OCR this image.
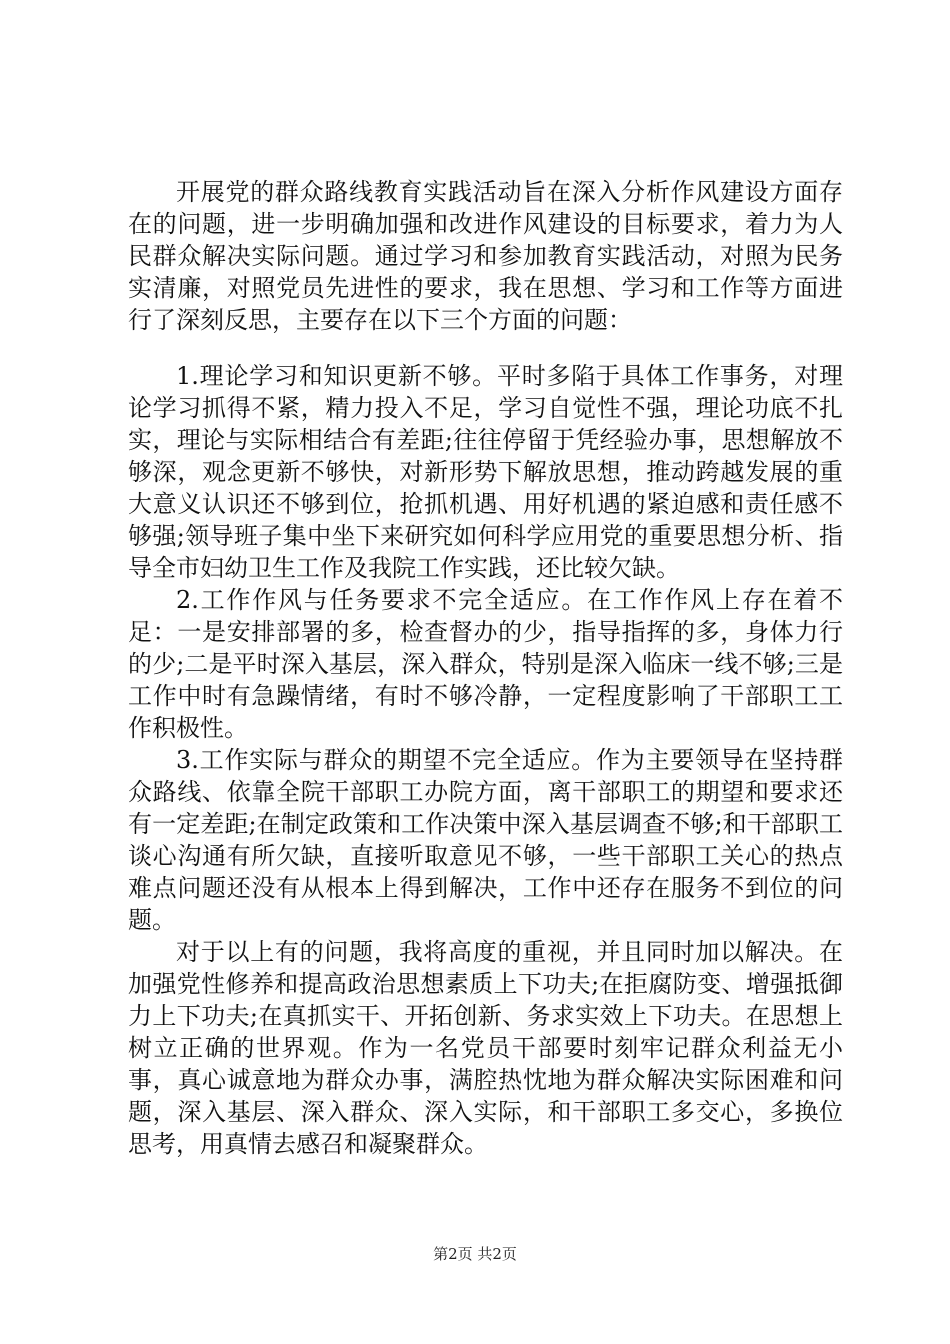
开展党的群众路线教育实践活动旨在深入分析作风建设方面存在的问题，进一步明确加强和改进作风建设的目标要求，着力为人民群众解决实际问题。通过学习和参加教育实践活动，对照为民务实清廉，对照党员先进性的要求，我在思想、学习和工作等方面进行了深刻反思，主要存在以下三个方面的问题：

1.理论学习和知识更新不够。平时多陷于具体工作事务，对理论学习抓得不紧，精力投入不足，学习自觉性不强，理论功底不扎实，理论与实际相结合有差距;往往停留于凭经验办事，思想解放不够深，观念更新不够快，对新形势下解放思想，推动跨越发展的重大意义认识还不够到位，抢抓机遇、用好机遇的紧迫感和责任感不够强;领导班子集中坐下来研究如何科学应用党的重要思想分析、指导全市妇幼卫生工作及我院工作实践，还比较欠缺。

2.工作作风与任务要求不完全适应。在工作作风上存在着不足：一是安排部署的多，检查督办的少，指导指挥的多，身体力行的少;二是平时深入基层，深入群众，特别是深入临床一线不够;三是工作中时有急躁情绪，有时不够冷静，一定程度影响了干部职工工作积极性。

3.工作实际与群众的期望不完全适应。作为主要领导在坚持群众路线、依靠全院干部职工办院方面，离干部职工的期望和要求还有一定差距;在制定政策和工作决策中深入基层调查不够;和干部职工谈心沟通有所欠缺，直接听取意见不够，一些干部职工关心的热点难点问题还没有从根本上得到解决，工作中还存在服务不到位的问题。

对于以上有的问题，我将高度的重视，并且同时加以解决。在加强党性修养和提高政治思想素质上下功夫;在拒腐防变、增强抵御力上下功夫;在真抓实干、开拓创新、务求实效上下功夫。在思想上树立正确的世界观。作为一名党员干部要时刻牢记群众利益无小事，真心诚意地为群众办事，满腔热忱地为群众解决实际困难和问题，深入基层、深入群众、深入实际，和干部职工多交心，多换位思考，用真情去感召和凝聚群众。

第2页 共2页
